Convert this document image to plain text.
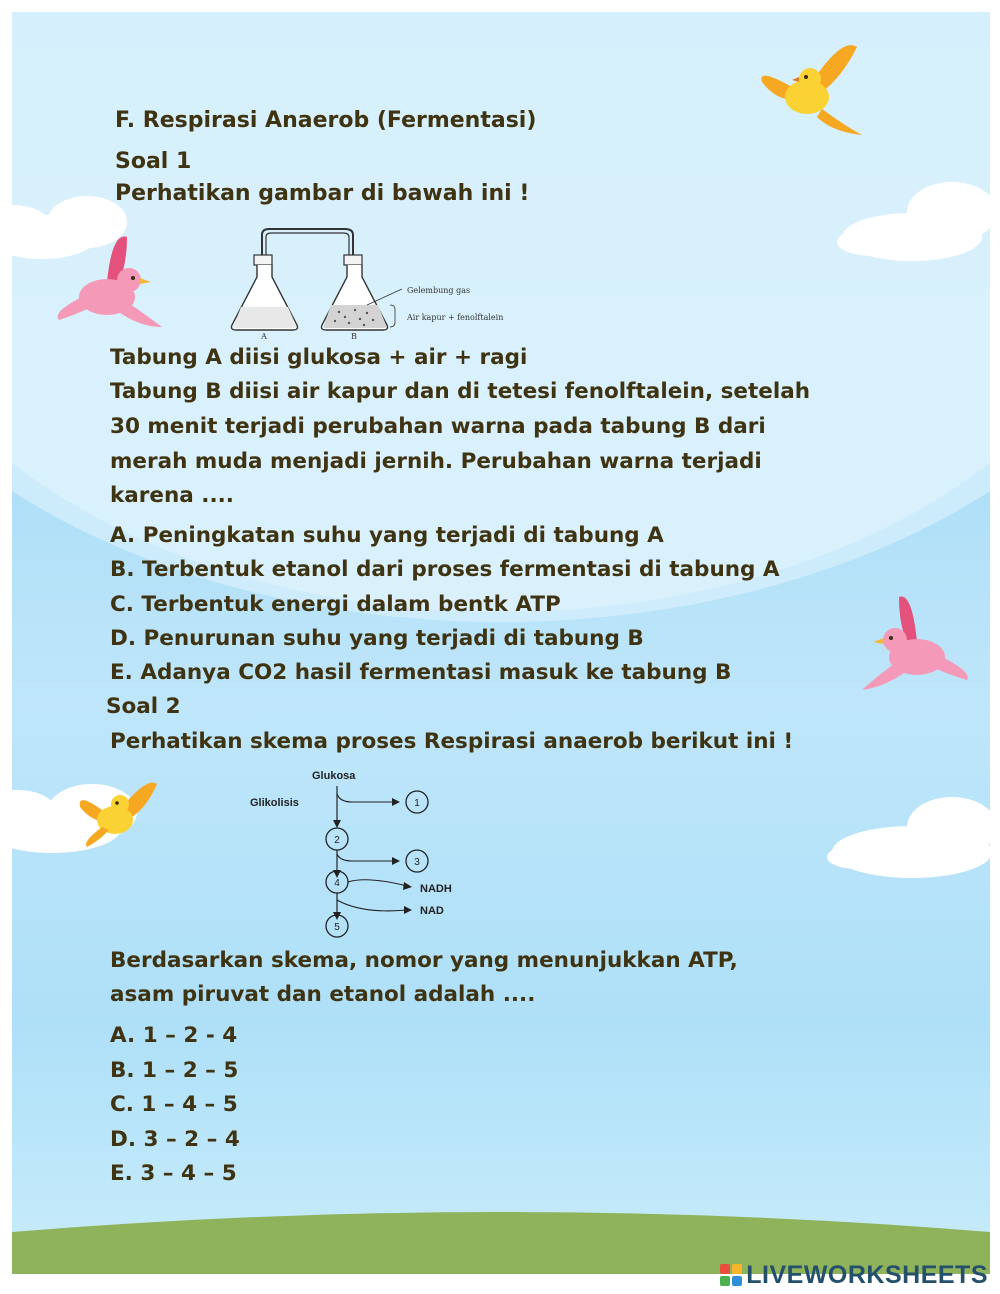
F. Respirasi Anaerob (Fermentasi)

Soal 1

Perhatikan gambar di bawah ini !

A	B
Gelembung gas
Air kapur + fenolftalein

Tabung A diisi glukosa + air + ragi

Tabung B diisi air kapur dan di tetesi fenolftalein, setelah

30 menit terjadi perubahan warna pada tabung B dari

merah muda menjadi jernih. Perubahan warna terjadi

karena ....

A. Peningkatan suhu yang terjadi di tabung A

B. Terbentuk etanol dari proses fermentasi di tabung A

C. Terbentuk energi dalam bentk ATP

D. Penurunan suhu yang terjadi di tabung B

E. Adanya CO2 hasil fermentasi masuk ke tabung B

Soal 2

Perhatikan skema proses Respirasi anaerob berikut ini !

Glukosa
Glikolisis	1
2
3
4	NADH
NAD
5

Berdasarkan skema, nomor yang menunjukkan ATP,

asam piruvat dan etanol adalah ....

A. 1 – 2 - 4

B. 1 – 2 – 5

C. 1 – 4 – 5

D. 3 – 2 – 4

E. 3 – 4 – 5

LIVEWORKSHEETS
